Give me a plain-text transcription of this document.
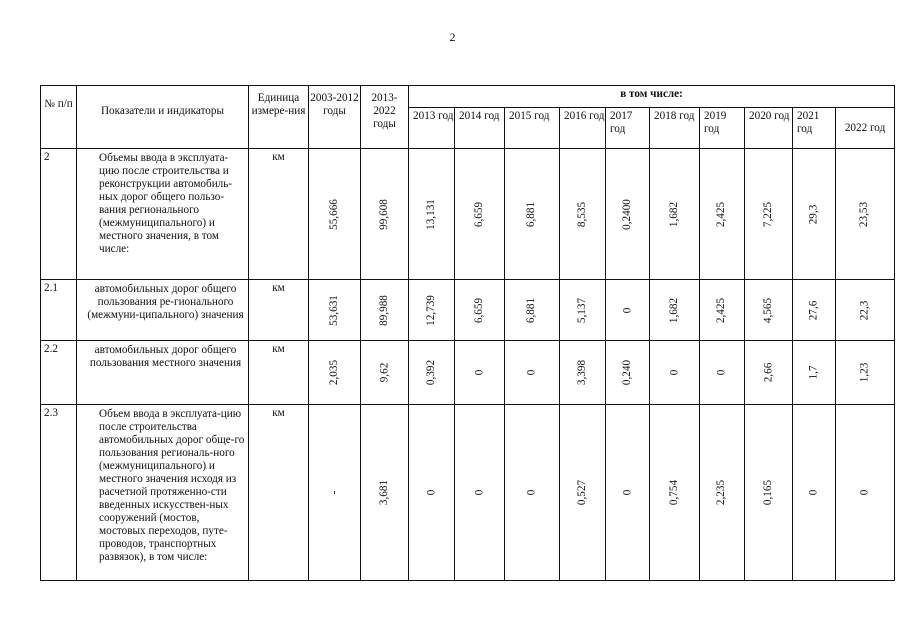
2
№ п/п	Показатели и индикаторы	Единица измере-ния	2003-2012 годы	2013-2022 годы	в том числе:									
					2013 год	2014 год	2015 год	2016 год	2017 год	2018 год	2019 год	2020 год	2021 год	2022 год
2	Объемы ввода в эксплуата-цию после строительства и реконструкции автомобиль-ных дорог общего пользо-вания регионального (межмуниципального) и местного значения, в том числе:	км	55,666	99,608	13,131	6,659	6,881	8,535	0,2400	1,682	2,425	7,225	29,3	23,53
2.1	автомобильных дорог общего пользования ре-гионального (межмуни-ципального) значения	км	53,631	89,988	12,739	6,659	6,881	5,137	0	1,682	2,425	4,565	27,6	22,3
2.2	автомобильных дорог общего пользования местного значения	км	2,035	9,62	0,392	0	0	3,398	0,240	0	0	2,66	1,7	1,23
2.3	Объем ввода в эксплуата-цию после строительства автомобильных дорог обще-го пользования региональ-ного (межмуниципального) и местного значения исходя из расчетной протяженно-сти введенных искусствен-ных сооружений (мостов, мостовых переходов, путе-проводов, транспортных развязок), в том числе:	км	-	3,681	0	0	0	0,527	0	0,754	2,235	0,165	0	0
